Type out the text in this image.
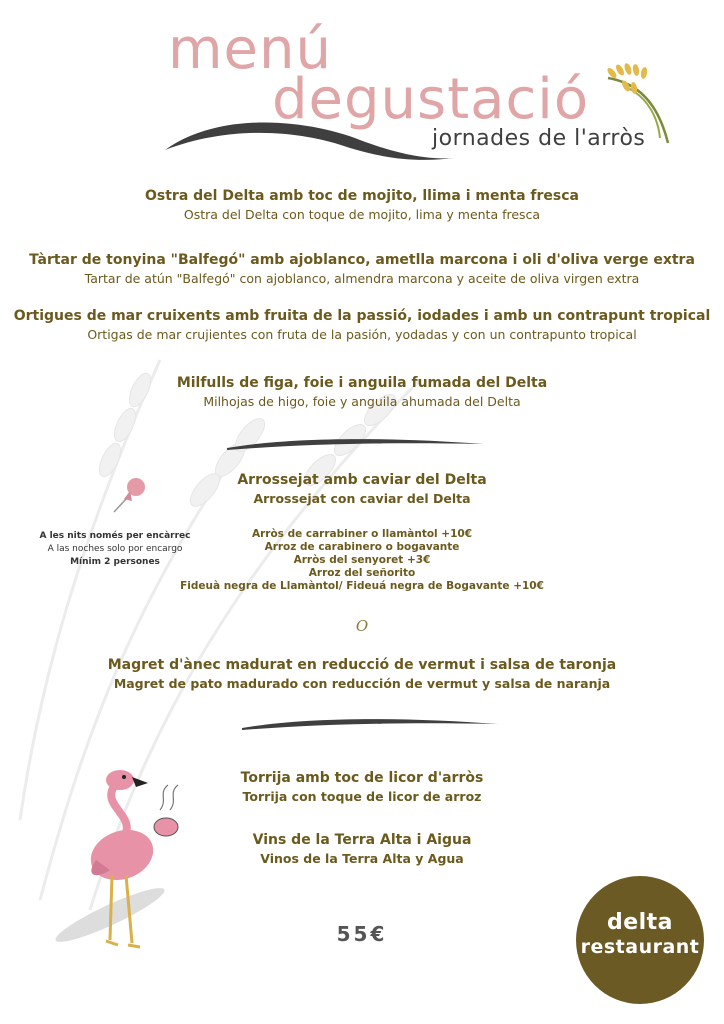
menú
degustació
jornades de l'arròs
Ostra del Delta amb toc de mojito, llima i menta fresca
Ostra del Delta con toque de mojito, lima y menta fresca
Tàrtar de tonyina "Balfegó" amb ajoblanco, ametlla marcona i oli d'oliva verge extra
Tartar de atún "Balfegó" con ajoblanco, almendra marcona y aceite de oliva virgen extra
Ortigues de mar cruixents amb fruita de la passió, iodades i amb un contrapunt tropical
Ortigas de mar crujientes con fruta de la pasión, yodadas y con un contrapunto tropical
Milfulls de figa, foie i anguila fumada del Delta
Milhojas de higo, foie y anguila ahumada del Delta
Arrossejat amb caviar del Delta
Arrossejat con caviar del Delta
Arròs de carrabiner o llamàntol +10€
Arroz de carabinero o bogavante
Arròs del senyoret +3€
Arroz del señorito
Fideuà negra de Llamàntol/ Fideuá negra de Bogavante +10€
A les nits només per encàrrec
A las noches solo por encargo
Mínim 2 persones
O
Magret d'ànec madurat en reducció de vermut i salsa de taronja
Magret de pato madurado con reducción de vermut y salsa de naranja
Torrija amb toc de licor d'arròs
Torrija con toque de licor de arroz
Vins de la Terra Alta i Aigua
Vinos de la Terra Alta y Agua
55€	delta
restaurant
